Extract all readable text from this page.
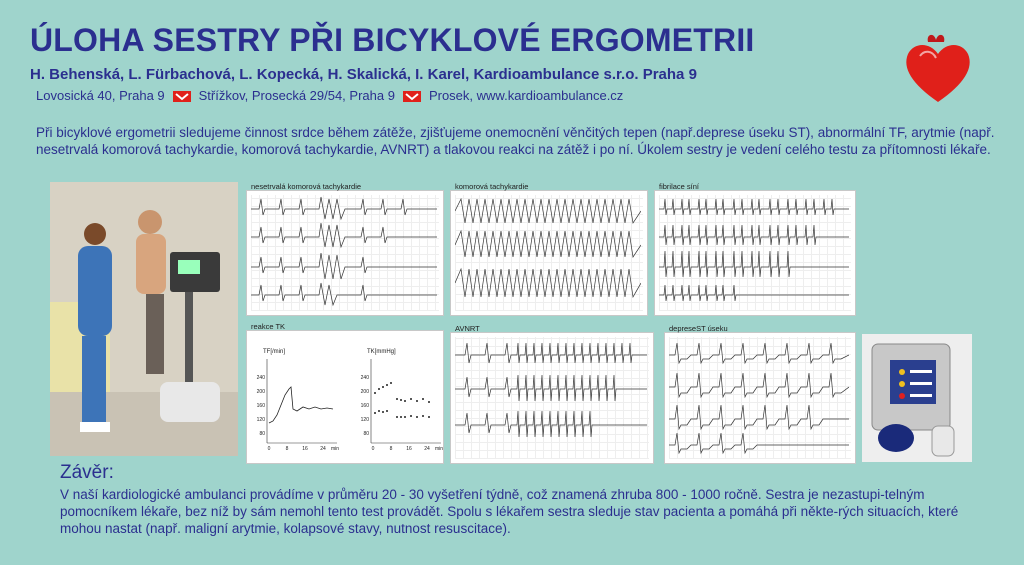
ÚLOHA SESTRY PŘI BICYKLOVÉ ERGOMETRII
H. Behenská, L. Fürbachová, L. Kopecká, H. Skalická, I. Karel, Kardioambulance s.r.o. Praha 9
Lovosická 40, Praha 9	Střížkov, Prosecká 29/54, Praha 9	Prosek, www.kardioambulance.cz
Při bicyklové ergometrii sledujeme činnost srdce během zátěže, zjišťujeme onemocnění věnčitých tepen (např.deprese úseku ST), abnormální TF, arytmie (např. nesetrvalá komorová tachykardie, komorová tachykardie, AVNRT) a tlakovou reakci na zátěž i po ní. Úkolem sestry je vedení celého testu za přítomnosti lékaře.
nesetrvalá komorová tachykardie	komorová tachykardie	fibrilace síní
reakce TK
TF[/min]	TK[mmHg]
240
200
160
120
80
240
200
160
120
80
0	8	16 24 min	0	8	16 24 min
AVNRT	depreseST úseku
Závěr:
V naší kardiologické ambulanci provádíme v průměru 20 - 30 vyšetření týdně, což znamená zhruba 800 - 1000 ročně. Sestra je nezastupi-telným pomocníkem lékaře, bez níž by sám nemohl tento test provádět. Spolu s lékařem sestra sleduje stav pacienta a pomáhá při někte-rých situacích, které mohou nastat (např. maligní arytmie, kolapsové stavy, nutnost resuscitace).
